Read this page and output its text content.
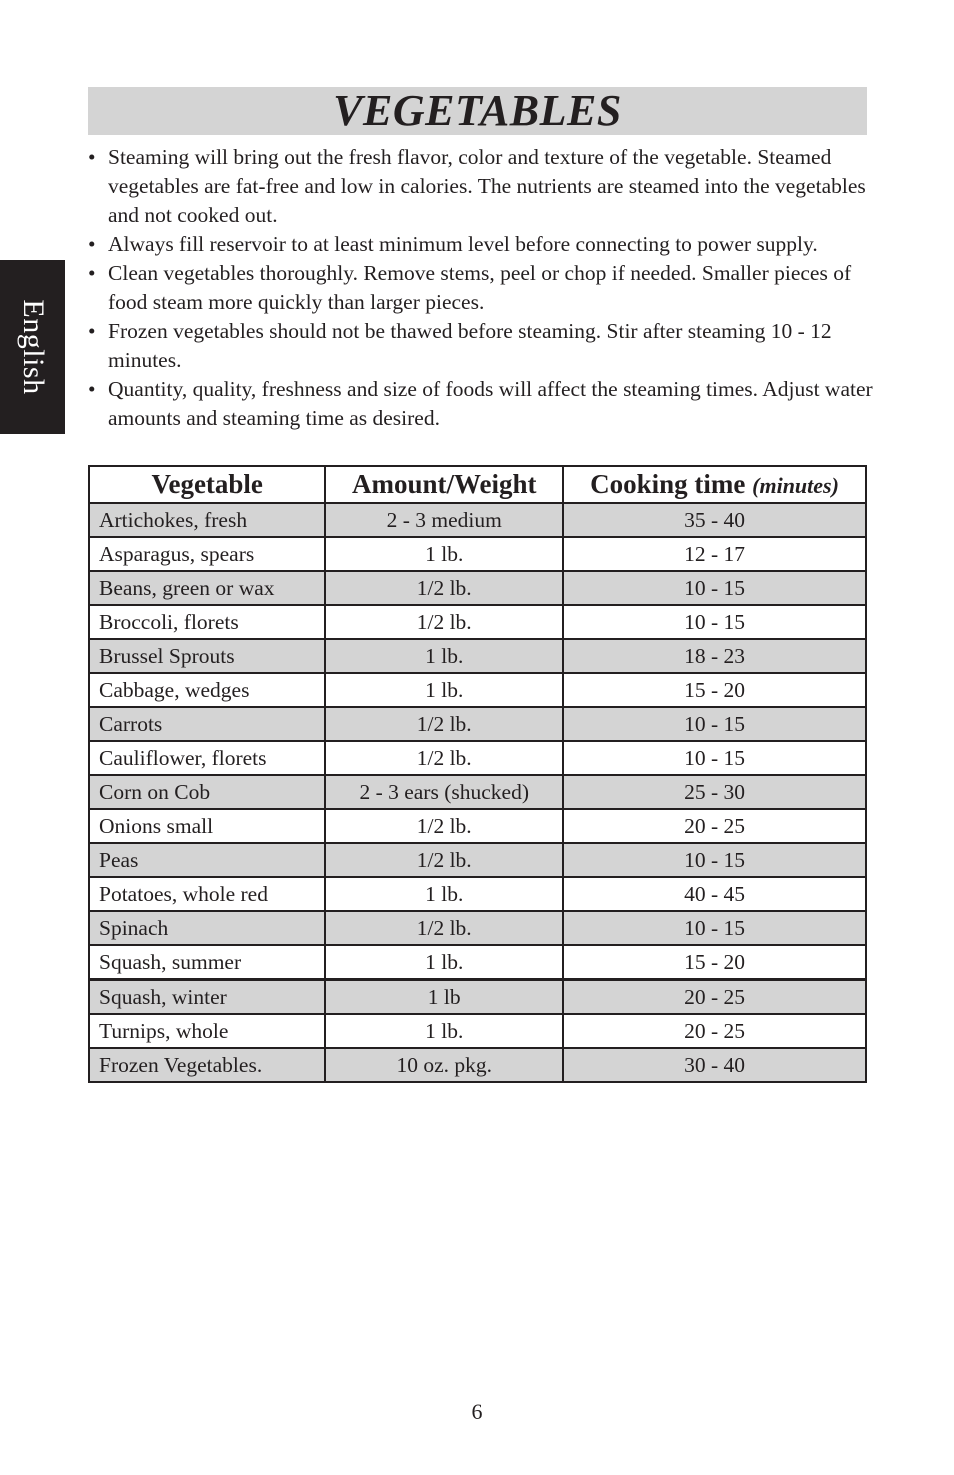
English
VEGETABLES
• Steaming will bring out the fresh flavor, color and texture of the vegetable. Steamed vegetables are fat-free and low in calories. The nutrients are steamed into the vegetables and not cooked out.
• Always fill reservoir to at least minimum level before connecting to power supply.
• Clean vegetables thoroughly. Remove stems, peel or chop if needed. Smaller pieces of food steam more quickly than larger pieces.
• Frozen vegetables should not be thawed before steaming. Stir after steaming 10 - 12 minutes.
• Quantity, quality, freshness and size of foods will affect the steaming times. Adjust water amounts and steaming time as desired.
Vegetable	Amount/Weight	Cooking time (minutes)
Artichokes, fresh	2 - 3 medium	35 - 40
Asparagus, spears	1 lb.	12 - 17
Beans, green or wax	1/2 lb.	10 - 15
Broccoli, florets	1/2 lb.	10 - 15
Brussel Sprouts	1 lb.	18 - 23
Cabbage, wedges	1 lb.	15 - 20
Carrots	1/2 lb.	10 - 15
Cauliflower, florets	1/2 lb.	10 - 15
Corn on Cob	2 - 3 ears (shucked)	25 - 30
Onions small	1/2 lb.	20 - 25
Peas	1/2 lb.	10 - 15
Potatoes, whole red	1 lb.	40 - 45
Spinach	1/2 lb.	10 - 15
Squash, summer	1 lb.	15 - 20
Squash, winter	1 lb	20 - 25
Turnips, whole	1 lb.	20 - 25
Frozen Vegetables.	10 oz. pkg.	30 - 40
6
